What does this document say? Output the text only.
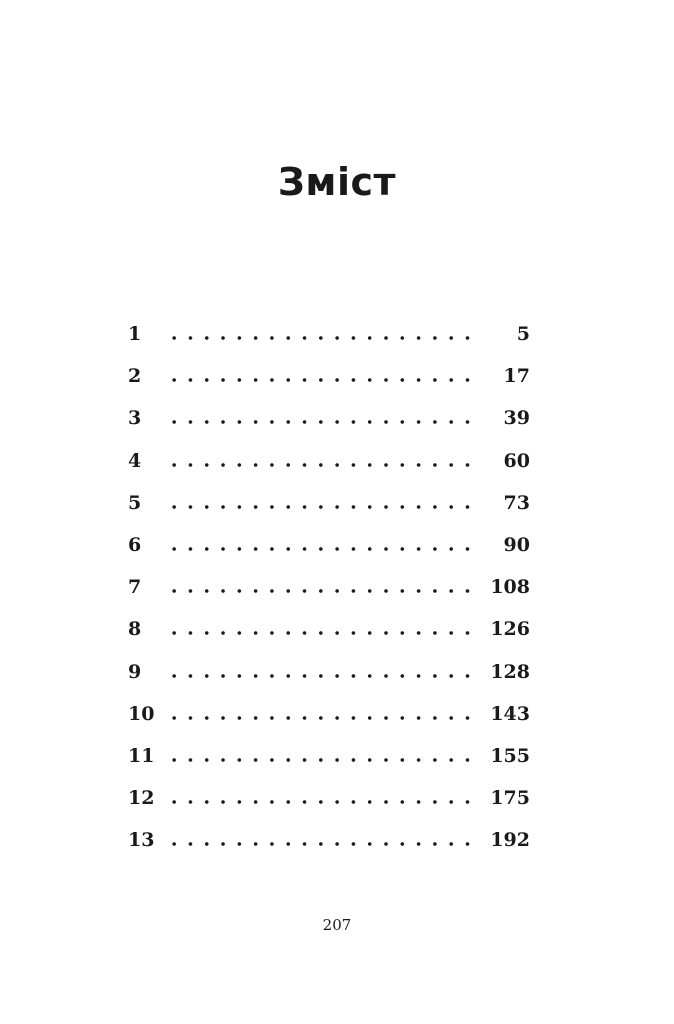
Зміст
1	5
2	17
3	39
4	60
5	73
6	90
7	108
8	126
9	128
10	143
11	155
12	175
13	192
207
